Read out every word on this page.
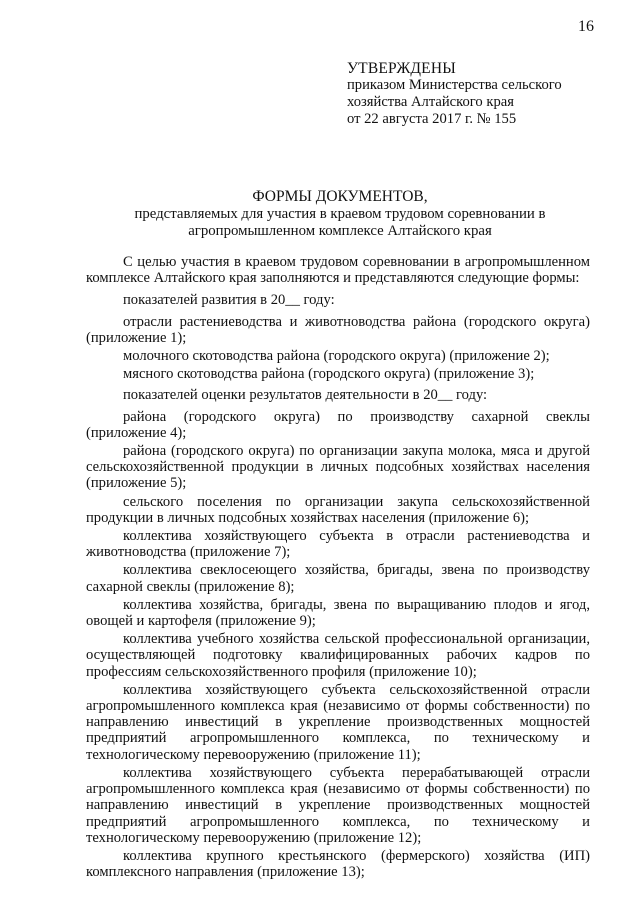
16
УТВЕРЖДЕНЫ
приказом Министерства сельского
хозяйства Алтайского края
от 22 августа 2017 г. № 155
ФОРМЫ ДОКУМЕНТОВ,
представляемых для участия в краевом трудовом соревновании в
агропромышленном комплексе Алтайского края

С целью участия в краевом трудовом соревновании в агропромышленном комплексе Алтайского края заполняются и представляются следующие формы:

показателей развития в 20__ году:

отрасли растениеводства и животноводства района (городского округа) (приложение 1);

молочного скотоводства района (городского округа) (приложение 2);

мясного скотоводства района (городского округа) (приложение 3);

показателей оценки результатов деятельности в 20__ году:

района (городского округа) по производству сахарной свеклы (приложение 4);

района (городского округа) по организации закупа молока, мяса и другой сельскохозяйственной продукции в личных подсобных хозяйствах населения (приложение 5);

сельского поселения по организации закупа сельскохозяйственной продукции в личных подсобных хозяйствах населения (приложение 6);

коллектива хозяйствующего субъекта в отрасли растениеводства и животноводства (приложение 7);

коллектива свеклосеющего хозяйства, бригады, звена по производству сахарной свеклы (приложение 8);

коллектива хозяйства, бригады, звена по выращиванию плодов и ягод, овощей и картофеля (приложение 9);

коллектива учебного хозяйства сельской профессиональной организации, осуществляющей подготовку квалифицированных рабочих кадров по профессиям сельскохозяйственного профиля (приложение 10);

коллектива хозяйствующего субъекта сельскохозяйственной отрасли агропромышленного комплекса края (независимо от формы собственности) по направлению инвестиций в укрепление производственных мощностей предприятий агропромышленного комплекса, по техническому и технологическому перевооружению (приложение 11);

коллектива хозяйствующего субъекта перерабатывающей отрасли агропромышленного комплекса края (независимо от формы собственности) по направлению инвестиций в укрепление производственных мощностей предприятий агропромышленного комплекса, по техническому и технологическому перевооружению (приложение 12);

коллектива крупного крестьянского (фермерского) хозяйства (ИП) комплексного направления (приложение 13);
